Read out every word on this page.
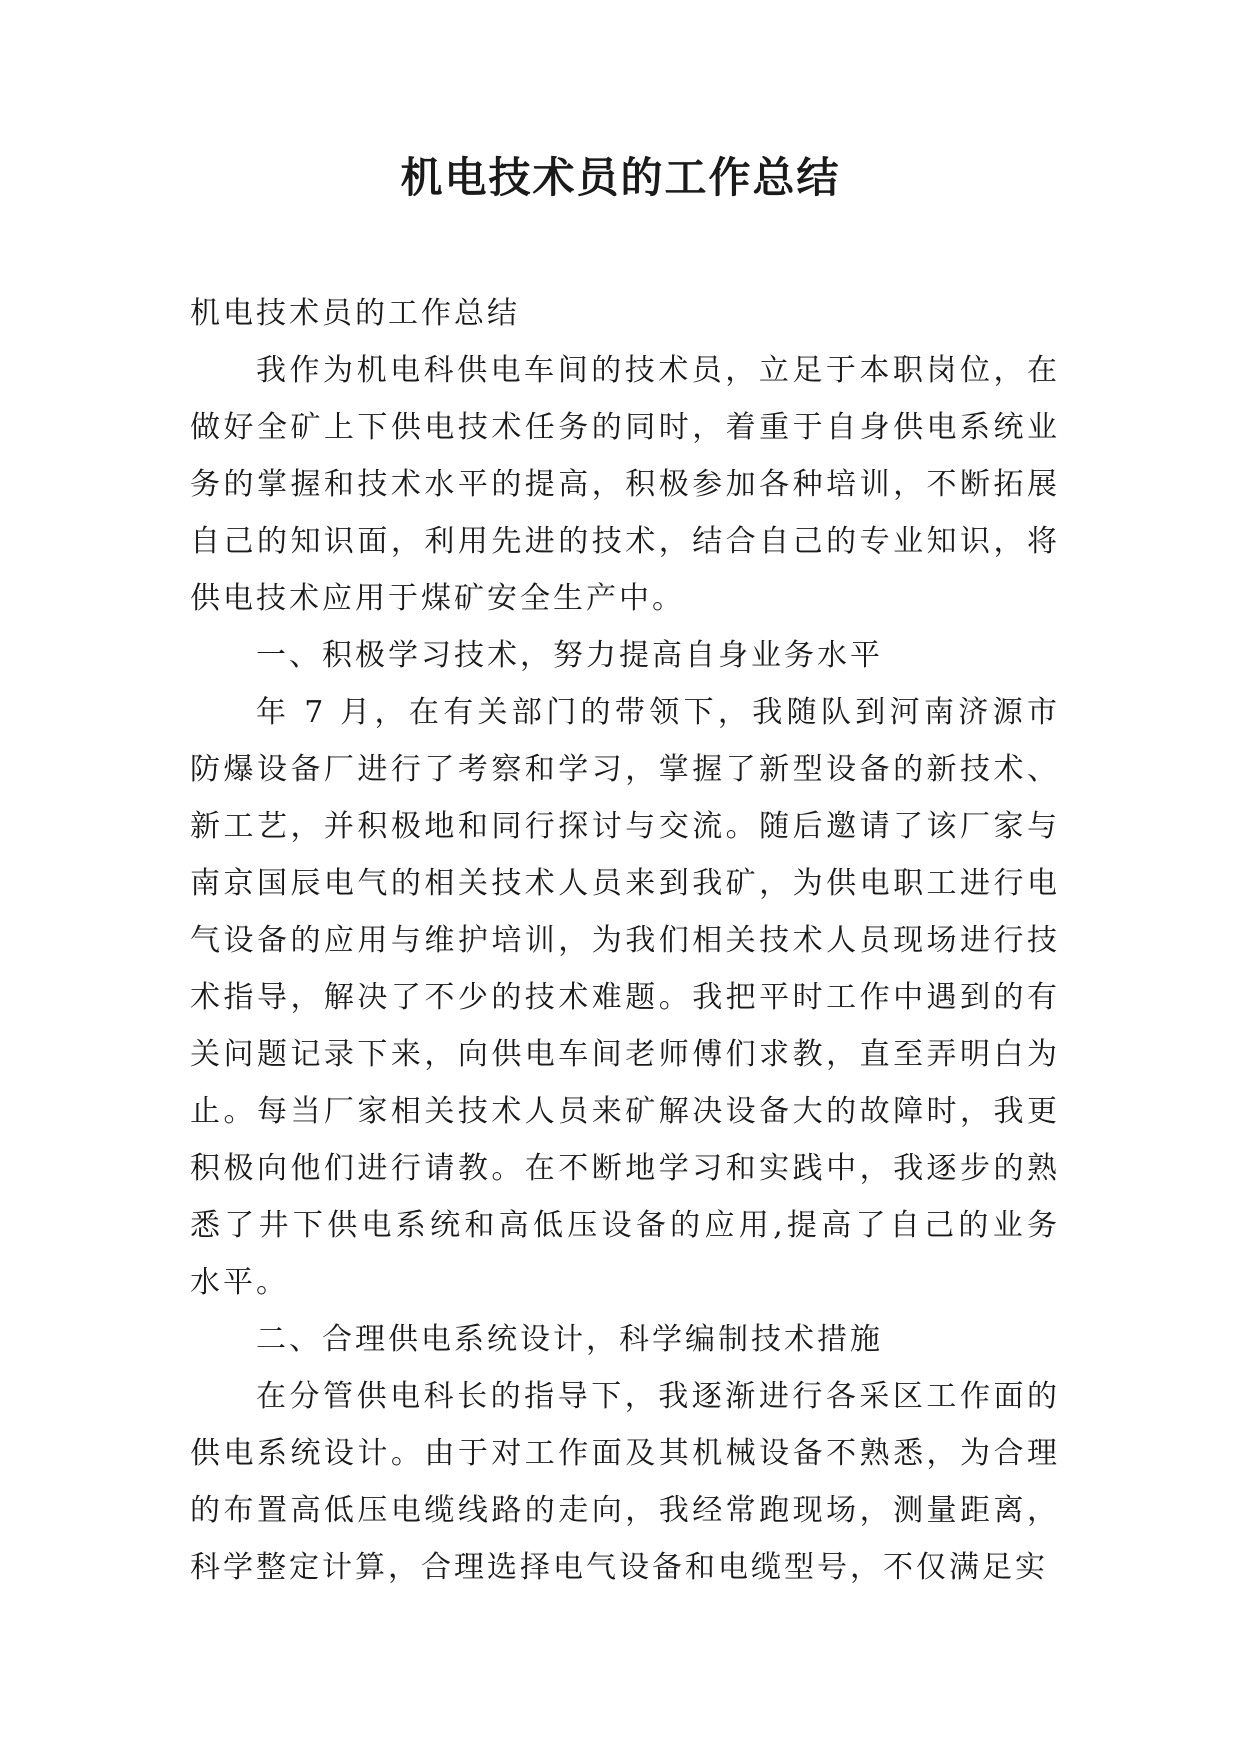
机电技术员的工作总结

机电技术员的工作总结

我作为机电科供电车间的技术员，立足于本职岗位，在做好全矿上下供电技术任务的同时，着重于自身供电系统业务的掌握和技术水平的提高，积极参加各种培训，不断拓展自己的知识面，利用先进的技术，结合自己的专业知识，将供电技术应用于煤矿安全生产中。

一、积极学习技术，努力提高自身业务水平

年 7 月，在有关部门的带领下，我随队到河南济源市防爆设备厂进行了考察和学习，掌握了新型设备的新技术、新工艺，并积极地和同行探讨与交流。随后邀请了该厂家与南京国辰电气的相关技术人员来到我矿，为供电职工进行电气设备的应用与维护培训，为我们相关技术人员现场进行技术指导，解决了不少的技术难题。我把平时工作中遇到的有关问题记录下来，向供电车间老师傅们求教，直至弄明白为止。每当厂家相关技术人员来矿解决设备大的故障时，我更积极向他们进行请教。在不断地学习和实践中，我逐步的熟悉了井下供电系统和高低压设备的应用,提高了自己的业务水平。

二、合理供电系统设计，科学编制技术措施

在分管供电科长的指导下，我逐渐进行各采区工作面的供电系统设计。由于对工作面及其机械设备不熟悉，为合理的布置高低压电缆线路的走向，我经常跑现场，测量距离，科学整定计算，合理选择电气设备和电缆型号，不仅满足实
